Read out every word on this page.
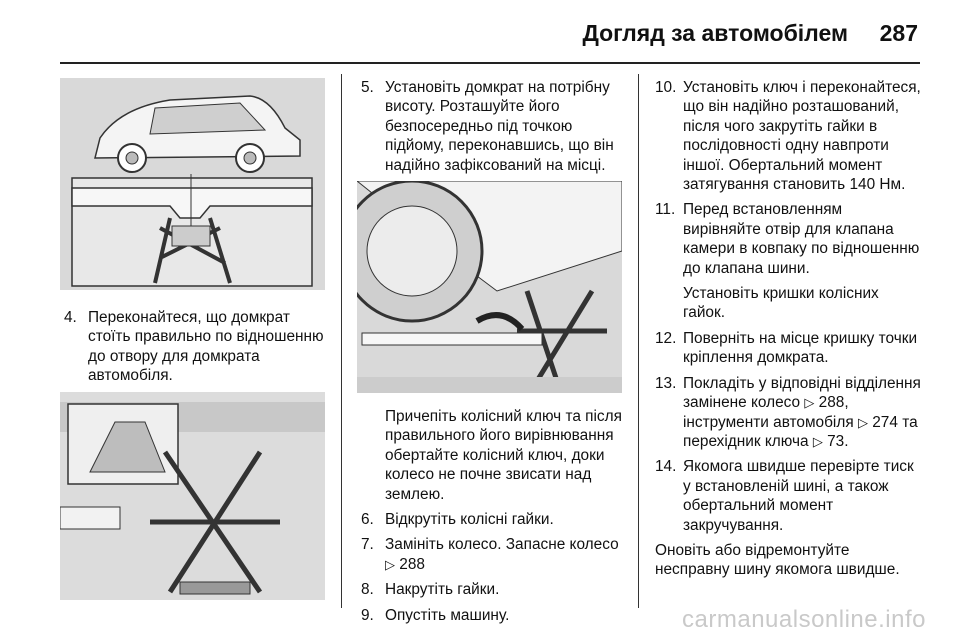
Догляд за автомобілем 287
4. Переконайтеся, що домкрат стоїть правильно по відношенню до отвору для домкрата автомобіля.
5. Установіть домкрат на потрібну висоту. Розташуйте його безпосередньо під точкою підйому, переконавшись, що він надійно зафіксований на місці.
Причепіть колісний ключ та після правильного його вирівнювання обертайте колісний ключ, доки колесо не почне звисати над землею.
6. Відкрутіть колісні гайки.
7. Замініть колесо. Запасне колесо ▷ 288
8. Накрутіть гайки.
9. Опустіть машину.
10. Установіть ключ і переконайтеся, що він надійно розташований, після чого закрутіть гайки в послідовності одну навпроти іншої. Обертальний момент затягування становить 140 Нм.
11. Перед встановленням вирівняйте отвір для клапана камери в ковпаку по відношенню до клапана шини.
Установіть кришки колісних гайок.
12. Поверніть на місце кришку точки кріплення домкрата.
13. Покладіть у відповідні відділення замінене колесо ▷ 288, інструменти автомобіля ▷ 274 та перехідник ключа ▷ 73.
14. Якомога швидше перевірте тиск у встановленій шині, а також обертальний момент закручування.
Оновіть або відремонтуйте несправну шину якомога швидше.
carmanualsonline.info
